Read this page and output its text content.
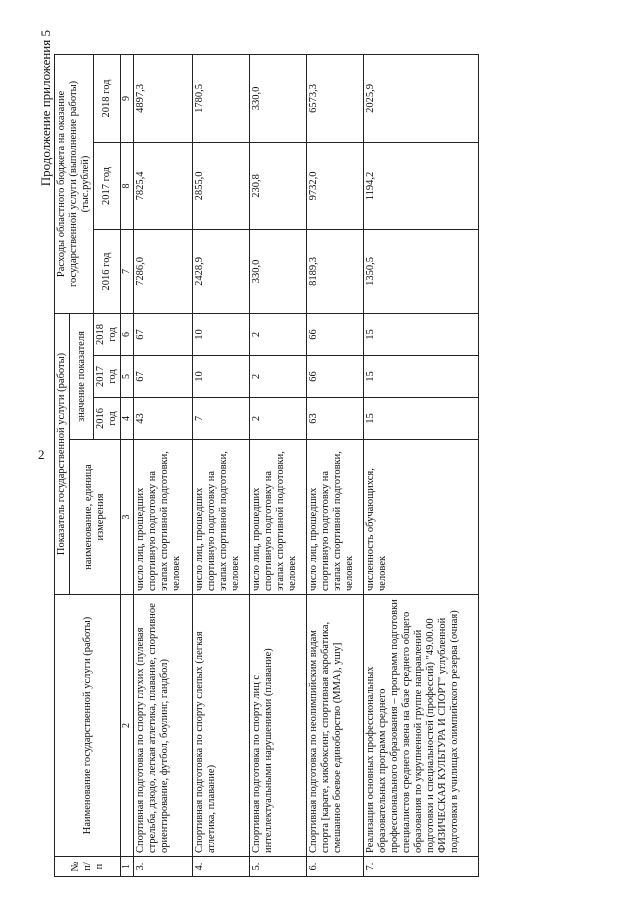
2
Продолжение приложения 5
№ п/п	Наименование государственной услуги (работы)	Показатель государственной услуги (работы)				Расходы областного бюджета на оказание государственной услуги (выполнение работы) (тыс.рублей)		
		наименование, единица измерения	значение показателя					
			2016 год	2017 год	2018 год	2016 год	2017 год	2018 год
1	2	3	4	5	6	7	8	9
3.	Спортивная подготовка по спорту глухих (пулевая стрельба, дзюдо, легкая атлетика, плавание, спортивное ориентирование, футбол, боулинг, гандбол)	число лиц, прошедших спортивную подготовку на этапах спортивной подготовки, человек	43	67	67	7286,0	7825,4	4897,3
4.	Спортивная подготовка по спорту слепых (легкая атлетика, плавание)	число лиц, прошедших спортивную подготовку на этапах спортивной подготовки, человек	7	10	10	2428,9	2855,0	1780,5
5.	Спортивная подготовка по спорту лиц с интеллектуальными нарушениями (плавание)	число лиц, прошедших спортивную подготовку на этапах спортивной подготовки, человек	2	2	2	330,0	230,8	330,0
6.	Спортивная подготовка по неолимпийским видам спорта [карате, кикбоксинг, спортивная акробатика, смешанное боевое единоборство (ММА), ушу]	число лиц, прошедших спортивную подготовку на этапах спортивной подготовки, человек	63	66	66	8189,3	9732,0	6573,3
7.	Реализация основных профессиональных образовательных программ среднего профессионального образования – программ подготовки специалистов среднего звена на базе среднего общего образования по укрупненной группе направлений подготовки и специальностей (профессий) "49.00.00 ФИЗИЧЕСКАЯ КУЛЬТУРА И СПОРТ" углубленной подготовки в училищах олимпийского резерва (очная)	численность обучающихся, человек	15	15	15	1350,5	1194,2	2025,9
